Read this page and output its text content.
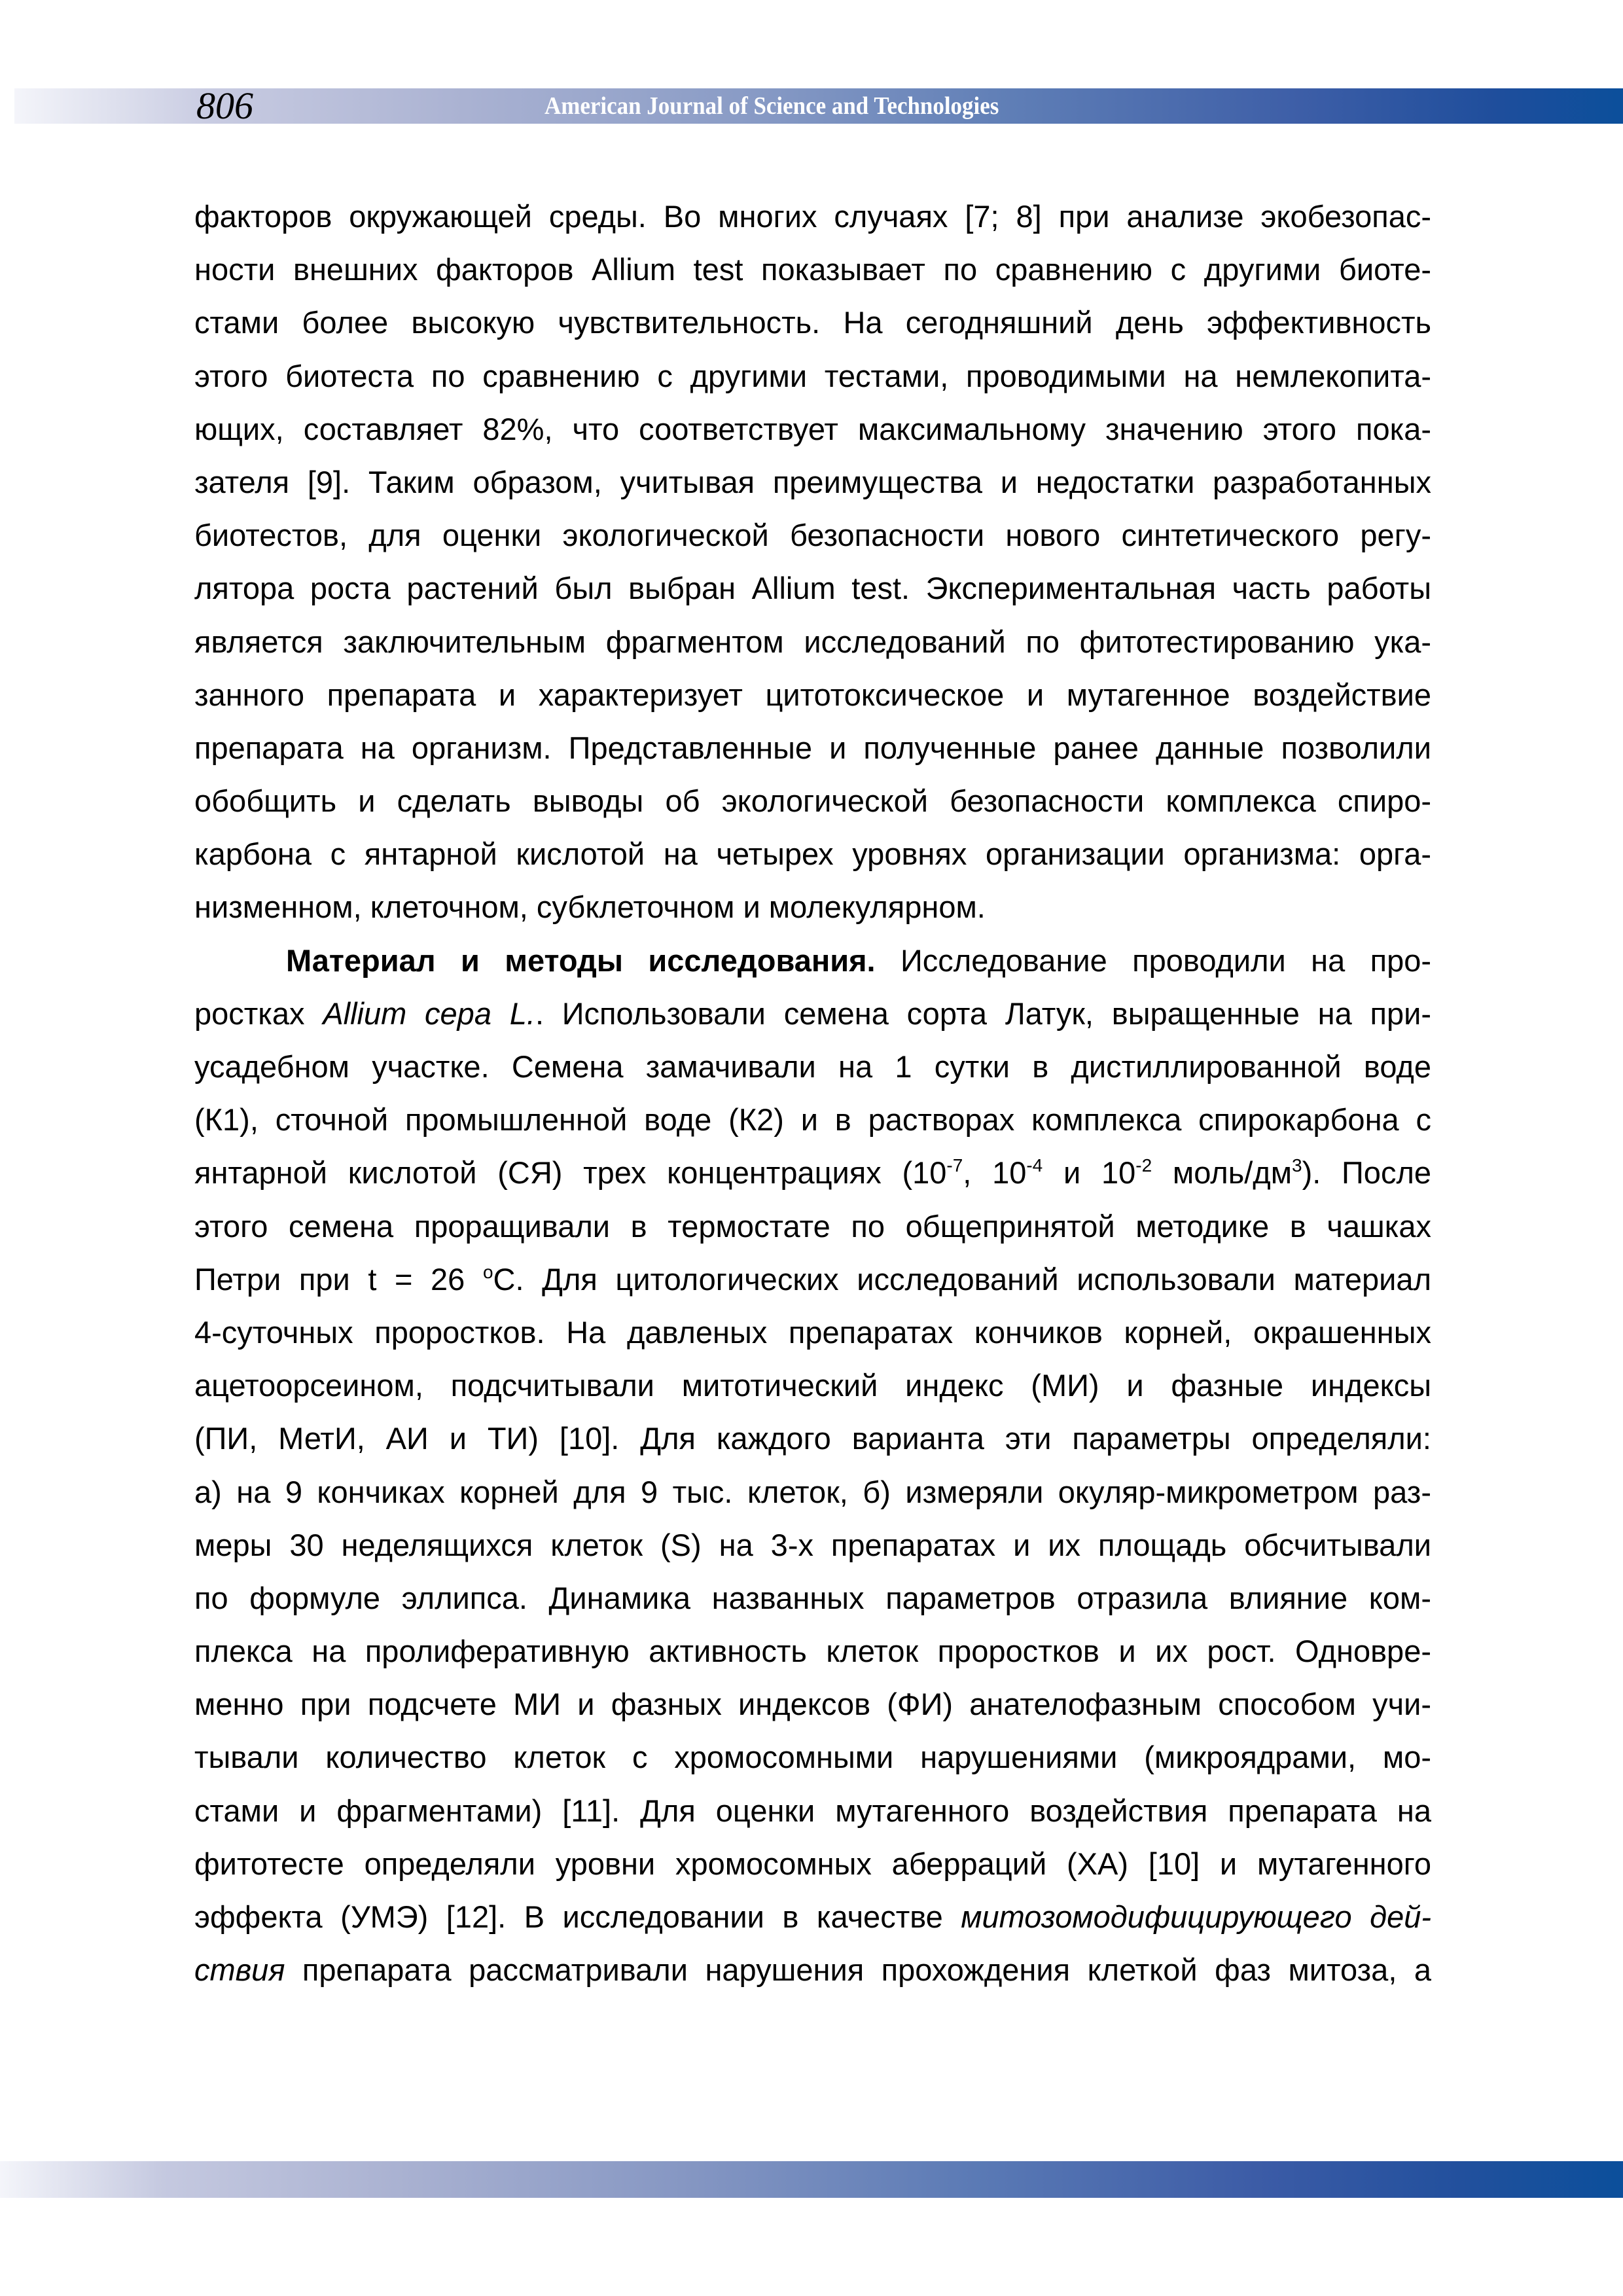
806	American Journal of Science and Technologies
факторов окружающей среды. Во многих случаях [7; 8] при анализе экобезопас-
ности внешних факторов Allium test показывает по сравнению с другими биоте-
стами более высокую чувствительность. На сегодняшний день эффективность
этого биотеста по сравнению с другими тестами, проводимыми на немлекопита-
ющих, составляет 82%, что соответствует максимальному значению этого пока-
зателя [9]. Таким образом, учитывая преимущества и недостатки разработанных
биотестов, для оценки экологической безопасности нового синтетического регу-
лятора роста растений был выбран Allium test. Экспериментальная часть работы
является заключительным фрагментом исследований по фитотестированию ука-
занного препарата и характеризует цитотоксическое и мутагенное воздействие
препарата на организм. Представленные и полученные ранее данные позволили
обобщить и сделать выводы об экологической безопасности комплекса спиро-
карбона с янтарной кислотой на четырех уровнях организации организма: орга-
низменном, клеточном, субклеточном и молекулярном.
Материал и методы исследования. Исследование проводили на про-
ростках Allium cepa L.. Использовали семена сорта Латук, выращенные на при-
усадебном участке. Семена замачивали на 1 сутки в дистиллированной воде
(К1), сточной промышленной воде (К2) и в растворах комплекса спирокарбона с
янтарной кислотой (СЯ) трех концентрациях ($10^{-7}$, $10^{-4}$ и $10^{-2}$ моль/$дм^3$). После
этого семена проращивали в термостате по общепринятой методике в чашках
Петри при t = 26 $^о$С. Для цитологических исследований использовали материал
4-суточных проростков. На давленых препаратах кончиков корней, окрашенных
ацетоорсеином, подсчитывали митотический индекс (МИ) и фазные индексы
(ПИ, МетИ, АИ и ТИ) [10]. Для каждого варианта эти параметры определяли:
а) на 9 кончиках корней для 9 тыс. клеток, б) измеряли окуляр-микрометром раз-
меры 30 неделящихся клеток (S) на 3-х препаратах и их площадь обсчитывали
по формуле эллипса. Динамика названных параметров отразила влияние ком-
плекса на пролиферативную активность клеток проростков и их рост. Одновре-
менно при подсчете МИ и фазных индексов (ФИ) анателофазным способом учи-
тывали количество клеток с хромосомными нарушениями (микроядрами, мо-
стами и фрагментами) [11]. Для оценки мутагенного воздействия препарата на
фитотесте определяли уровни хромосомных аберраций (ХА) [10] и мутагенного
эффекта (УМЭ) [12]. В исследовании в качестве митозомодифицирующего дей-
ствия препарата рассматривали нарушения прохождения клеткой фаз митоза, а
